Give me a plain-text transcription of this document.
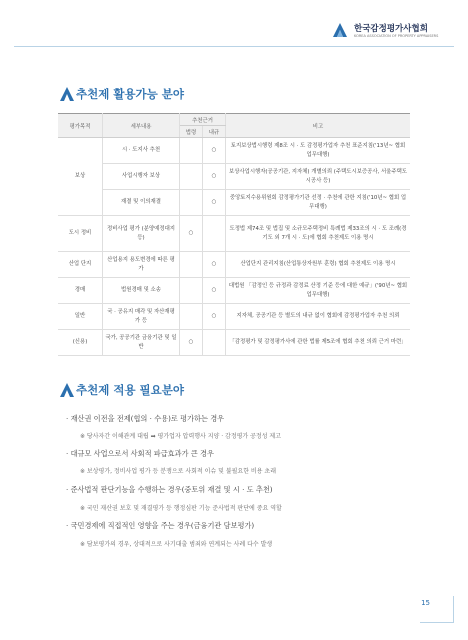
한국감정평가사협회
KOREA ASSOCIATION OF PROPERTY APPRAISERS
추천제 활용가능 분야
평가목적	세부내용	추천근거		비고
		법령	내규	
보상	시 · 도지사 추천		○	토지보상법시행령 제8조 시 · 도 감정평가업자 추천 표준지침('13년~ 협회 업무대행)
	사업시행자 보상		○	보상사업시행자(공공기관, 지자체) 개별의뢰 (주택도시보증공사, 서울주택도시공사 등)
	재결 및 이의재결		○	중앙토지수용위원회 감정평가기관 선정 · 추천에 관한 지침('10년~ 협회 업무대행)
도시 정비	정비사업 평가 (분양예정대지 등)	○		도정법 제74조 및 법집 및 소규모주택정비 특례법 제33조의 시 · 도 조례(경기도 외 7개 시 · 도)에 협회 추천제도 이용 명시
산업 단지	산업용지 용도변경에 따른 평가		○	산업단지 관리지침(산업통상자원부 훈령) 협회 추천제도 이용 명시
경매	법원경매 및 소송		○	대법원 「감정인 등 규정과 감정료 산정 기준 등에 대한 예규」('90년~ 협회 업무대행)
일반	국 · 공유지 매각 및 자산재평가 등		○	지자체, 공공기관 등 별도의 내규 없이 협회에 감정평가업자 추천 의뢰
(신용)	국가, 공공기관 금융기관 및 일반	○		「감정평가 및 감정평가사에 관한 법률 제5조에 협회 추천 의뢰 근거 마련」
추천제 적용 필요분야
· 재산권 이전을 전제(협의 · 수용)로 평가하는 경우
※ 당사자간 이해관계 대립 ➡ 평가업자 압력행사 지양 · 감정평가 공정성 제고
· 대규모 사업으로서 사회적 파급효과가 큰 경우
※ 보상평가, 정비사업 평가 등 분쟁으로 사회적 이슈 및 불필요한 비용 초래
· 준사법적 판단기능을 수행하는 경우(중토위 재결 및 시 · 도 추천)
※ 국민 재산권 보호 및 재결평가 등 행정심판 기능 준사법적 판단에 중요 역할
· 국민경제에 직접적인 영향을 주는 경우(금융기관 담보평가)
※ 담보평가의 경우, 상대적으로 사기대출 범죄와 연계되는 사례 다수 발생
15
